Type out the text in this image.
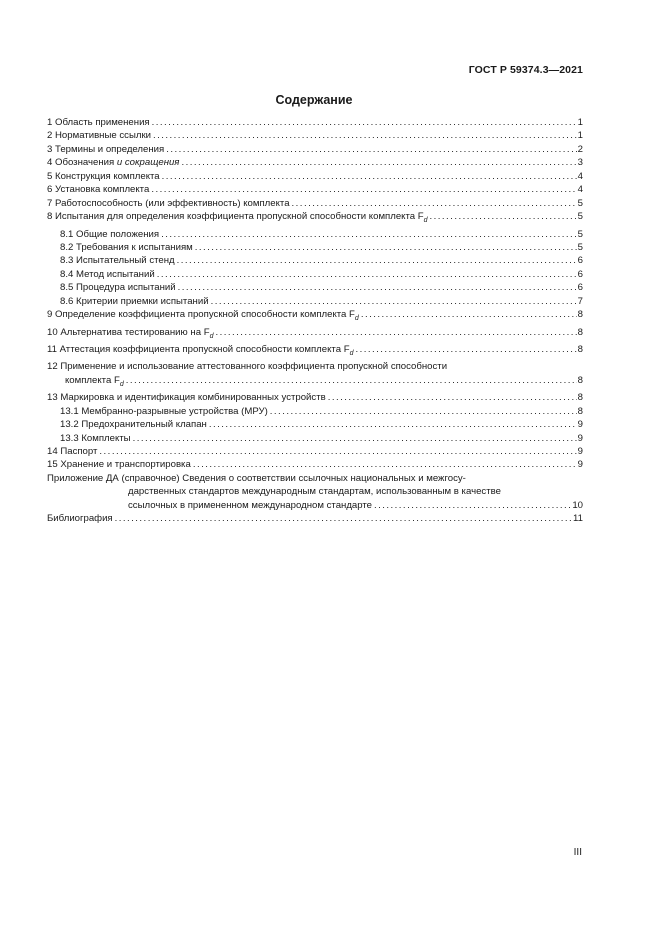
ГОСТ Р 59374.3—2021
Содержание
1 Область применения . . .	1
2 Нормативные ссылки . . .	1
3 Термины и определения . . .	2
4 Обозначения и сокращения . . .	3
5 Конструкция комплекта . . .	4
6 Установка комплекта . . .	4
7 Работоспособность (или эффективность) комплекта . . .	5
8 Испытания для определения коэффициента пропускной способности комплекта $F_d$ . . .	5
8.1 Общие положения . . .	5
8.2 Требования к испытаниям . . .	5
8.3 Испытательный стенд . . .	6
8.4 Метод испытаний . . .	6
8.5 Процедура испытаний . . .	6
8.6 Критерии приемки испытаний . . .	7
9 Определение коэффициента пропускной способности комплекта $F_d$ . . .	8
10 Альтернатива тестированию на $F_d$ . . .	8
11 Аттестация коэффициента пропускной способности комплекта $F_d$ . . .	8
12 Применение и использование аттестованного коэффициента пропускной способности
комплекта $F_d$ . . .	8
13 Маркировка и идентификация комбинированных устройств . . .	8
13.1 Мембранно-разрывные устройства (МРУ) . . .	8
13.2 Предохранительный клапан . . .	9
13.3 Комплекты . . .	9
14 Паспорт . . .	9
15 Хранение и транспортировка . . .	9
Приложение ДА (справочное) Сведения о соответствии ссылочных национальных и межгосу-
дарственных стандартов международным стандартам, использованным в качестве
ссылочных в примененном международном стандарте . . .	10
Библиография . . .	11
III
